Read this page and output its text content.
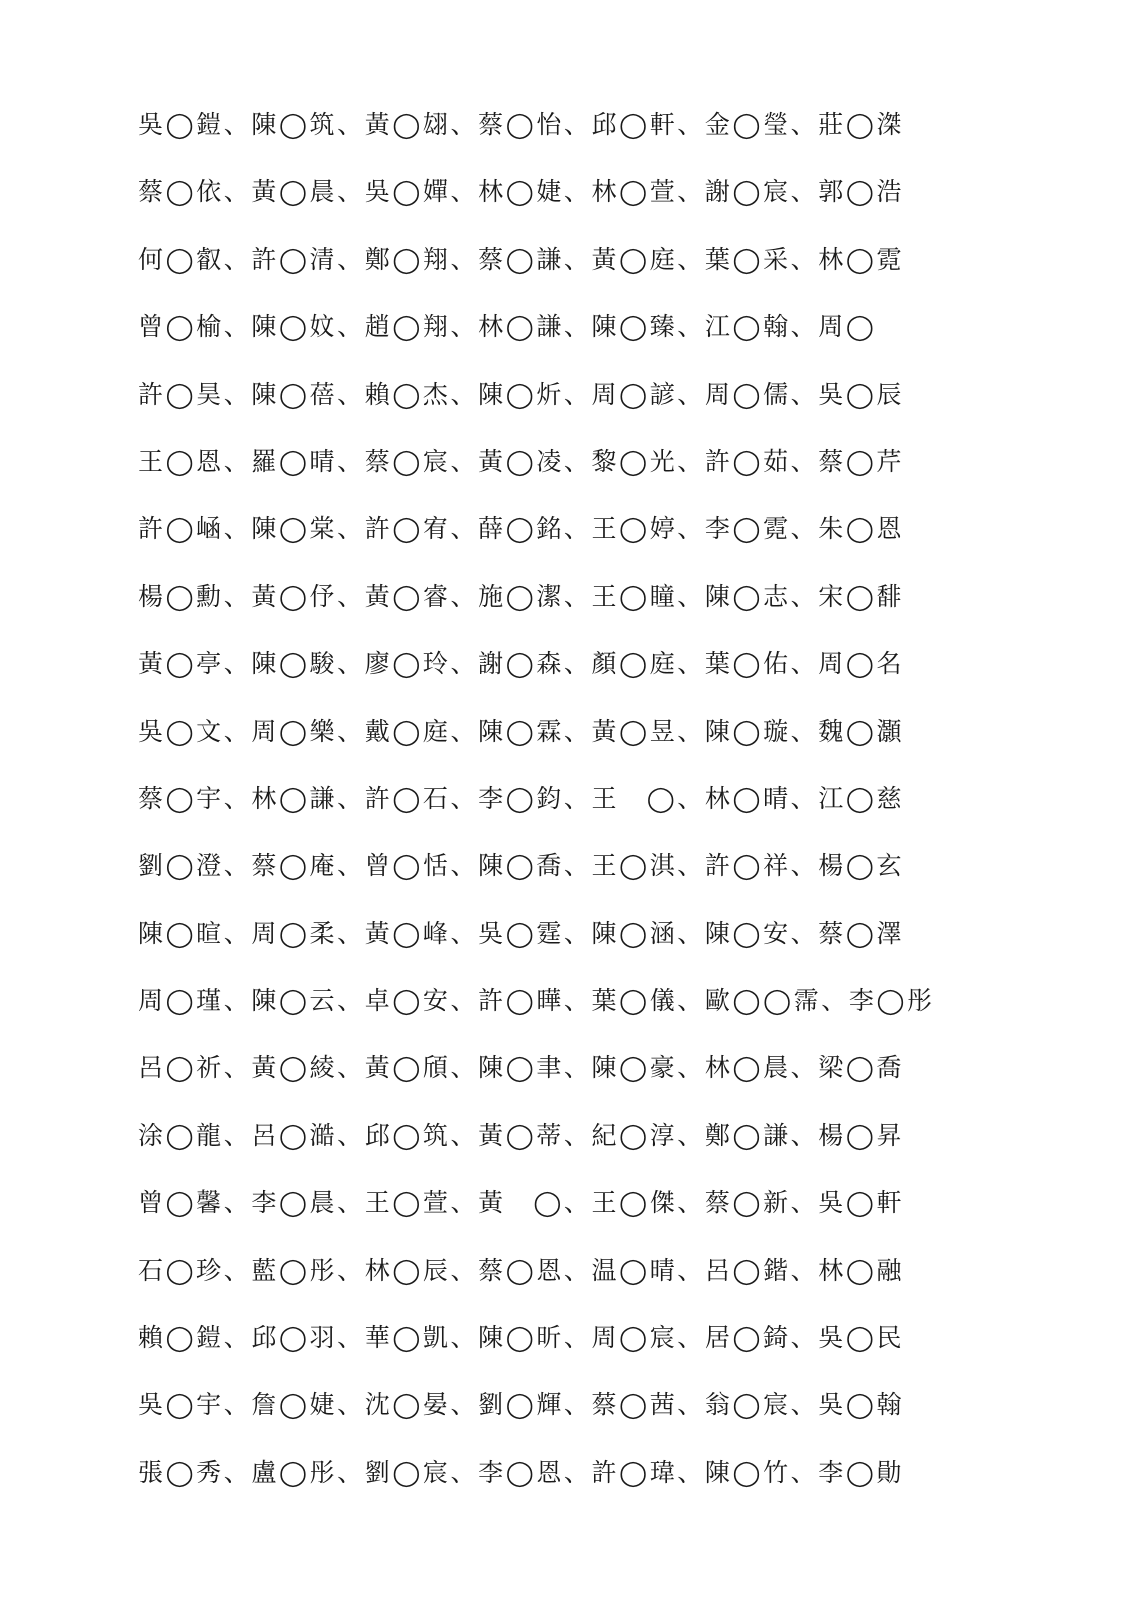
吳◯鎧、陳◯筑、黃◯翃、蔡◯怡、邱◯軒、金◯瑩、莊◯滐
蔡◯依、黃◯晨、吳◯嬋、林◯婕、林◯萱、謝◯宸、郭◯浩
何◯叡、許◯清、鄭◯翔、蔡◯謙、黃◯庭、葉◯采、林◯霓
曾◯榆、陳◯妏、趙◯翔、林◯謙、陳◯臻、江◯翰、周◯
許◯昊、陳◯蓓、賴◯杰、陳◯炘、周◯諺、周◯儒、吳◯辰
王◯恩、羅◯晴、蔡◯宸、黃◯凌、黎◯光、許◯茹、蔡◯芹
許◯崡、陳◯棠、許◯宥、薛◯銘、王◯婷、李◯霓、朱◯恩
楊◯勳、黃◯伃、黃◯睿、施◯潔、王◯瞳、陳◯志、宋◯馡
黃◯亭、陳◯駿、廖◯玲、謝◯森、顏◯庭、葉◯佑、周◯名
吳◯文、周◯樂、戴◯庭、陳◯霖、黃◯昱、陳◯璇、魏◯灝
蔡◯宇、林◯謙、許◯石、李◯鈞、王　◯、林◯晴、江◯慈
劉◯澄、蔡◯庵、曾◯恬、陳◯喬、王◯淇、許◯祥、楊◯玄
陳◯暄、周◯柔、黃◯峰、吳◯霆、陳◯涵、陳◯安、蔡◯澤
周◯瑾、陳◯云、卓◯安、許◯曄、葉◯儀、歐◯◯霈、李◯彤
呂◯祈、黃◯綾、黃◯頎、陳◯聿、陳◯豪、林◯晨、梁◯喬
涂◯龍、呂◯澔、邱◯筑、黃◯蒂、紀◯淳、鄭◯謙、楊◯昇
曾◯馨、李◯晨、王◯萱、黃　◯、王◯傑、蔡◯新、吳◯軒
石◯珍、藍◯彤、林◯辰、蔡◯恩、温◯晴、呂◯鍇、林◯融
賴◯鎧、邱◯羽、華◯凱、陳◯昕、周◯宸、居◯錡、吳◯民
吳◯宇、詹◯婕、沈◯晏、劉◯輝、蔡◯茜、翁◯宸、吳◯翰
張◯秀、盧◯彤、劉◯宸、李◯恩、許◯瑋、陳◯竹、李◯勛
